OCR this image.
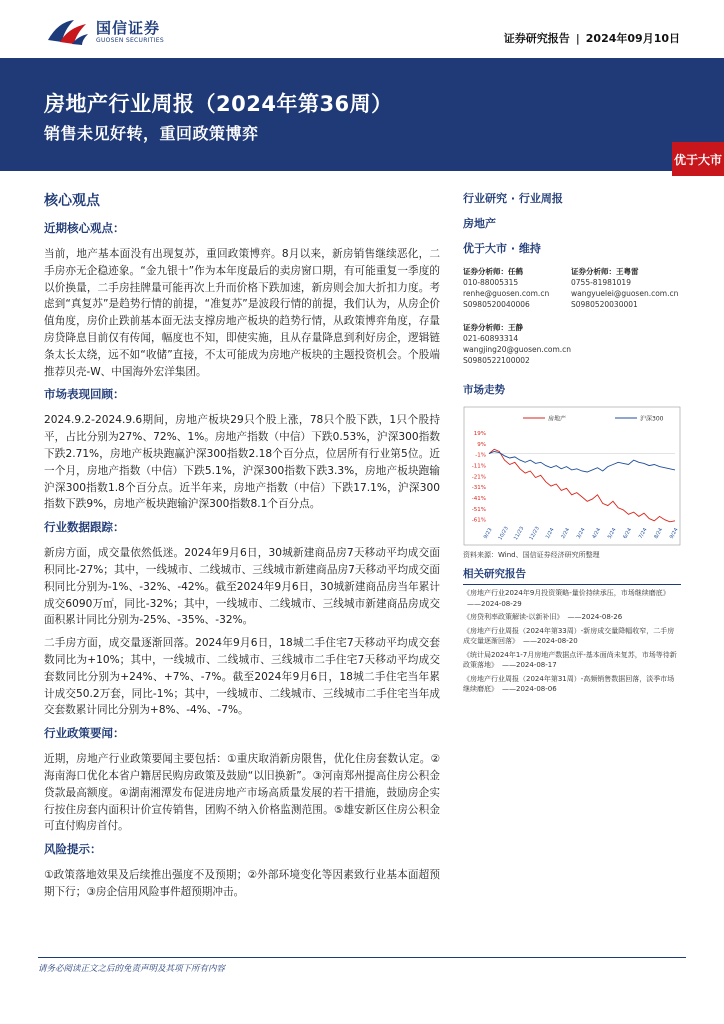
国信证券
GUOSEN SECURITIES	证券研究报告 | 2024年09月10日
房地产行业周报（2024年第36周）
销售未见好转，重回政策博弈
优于大市
核心观点
近期核心观点：
当前，地产基本面没有出现复苏，重回政策博弈。8月以来，新房销售继续恶化，二手房亦无企稳迹象。“金九银十”作为本年度最后的卖房窗口期，有可能重复一季度的以价换量，二手房挂牌量可能再次上升而价格下跌加速，新房则会加大折扣力度。考虑到“真复苏”是趋势行情的前提，“准复苏”是波段行情的前提，我们认为，从房企价值角度，房价止跌前基本面无法支撑房地产板块的趋势行情，从政策博弈角度，存量房贷降息目前仅有传闻，幅度也不知，即使实施，且从存量降息到利好房企，逻辑链条太长太绕，远不如“收储”直接，不太可能成为房地产板块的主题投资机会。个股端推荐贝壳-W、中国海外宏洋集团。
市场表现回顾：
2024.9.2-2024.9.6期间，房地产板块29只个股上涨，78只个股下跌，1只个股持平，占比分别为27%、72%、1%。房地产指数（中信）下跌0.53%，沪深300指数下跌2.71%，房地产板块跑赢沪深300指数2.18个百分点，位居所有行业第5位。近一个月，房地产指数（中信）下跌5.1%，沪深300指数下跌3.3%，房地产板块跑输沪深300指数1.8个百分点。近半年来，房地产指数（中信）下跌17.1%，沪深300指数下跌9%，房地产板块跑输沪深300指数8.1个百分点。
行业数据跟踪：
新房方面，成交量依然低迷。2024年9月6日，30城新建商品房7天移动平均成交面积同比-27%；其中，一线城市、二线城市、三线城市新建商品房7天移动平均成交面积同比分别为-1%、-32%、-42%。截至2024年9月6日，30城新建商品房当年累计成交6090万㎡，同比-32%；其中，一线城市、二线城市、三线城市新建商品房成交面积累计同比分别为-25%、-35%、-32%。
二手房方面，成交量逐渐回落。2024年9月6日，18城二手住宅7天移动平均成交套数同比为+10%；其中，一线城市、二线城市、三线城市二手住宅7天移动平均成交套数同比分别为+24%、+7%、-7%。截至2024年9月6日，18城二手住宅当年累计成交50.2万套，同比-1%；其中，一线城市、二线城市、三线城市二手住宅当年成交套数累计同比分别为+8%、-4%、-7%。
行业政策要闻：
近期，房地产行业政策要闻主要包括：①重庆取消新房限售，优化住房套数认定。②海南海口优化本省户籍居民购房政策及鼓励“以旧换新”。③河南郑州提高住房公积金贷款最高额度。④湖南湘潭发布促进房地产市场高质量发展的若干措施，鼓励房企实行按住房套内面积计价宣传销售，团购不纳入价格监测范围。⑤雄安新区住房公积金可直付购房首付。
风险提示：
①政策落地效果及后续推出强度不及预期；②外部环境变化等因素致行业基本面超预期下行；③房企信用风险事件超预期冲击。
行业研究 · 行业周报
房地产
优于大市 · 维持
证券分析师：任鹤
010-88005315
renhe@guosen.com.cn
S0980520040006
证券分析师：王粤雷
0755-81981019
wangyuelei@guosen.com.cn
S0980520030001
证券分析师：王静
021-60893314
wangjing20@guosen.com.cn
S0980522100002
市场走势
房地产	沪深300
19%
9%
-1%
-11%
-21%
-31%
-41%
-51%
-61%
9/23 10/23 11/23 12/23 1/24 2/24 3/24 4/24 5/24 6/24 7/24 8/24 9/24
资料来源：Wind、国信证券经济研究所整理
相关研究报告
《房地产行业2024年9月投资策略-量价持续承压，市场继续磨底》——2024-08-29
《房贷利率政策解读-以新补旧》 ——2024-08-26
《房地产行业周报（2024年第33周）-新房成交量降幅收窄，二手房成交量逐渐回落》 ——2024-08-20
《统计局2024年1-7月房地产数据点评-基本面尚未复苏，市场等待新政策落地》 ——2024-08-17
《房地产行业周报（2024年第31周）-高频销售数据回落，淡季市场继续磨底》 ——2024-08-06
请务必阅读正文之后的免责声明及其项下所有内容
